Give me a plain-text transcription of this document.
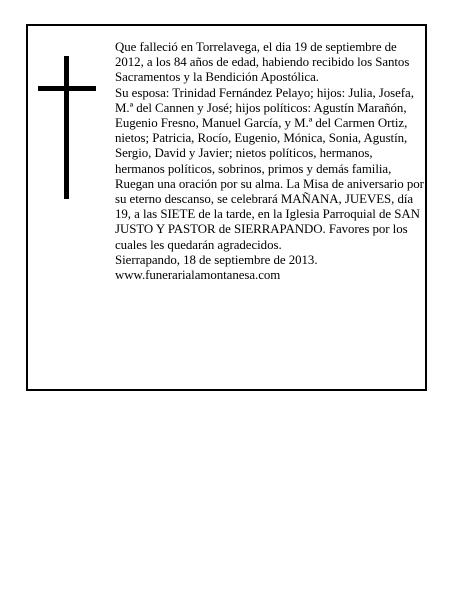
Que falleció en Torrelavega, el dia 19 de septiembre de 2012, a los 84 años de edad, habiendo recibido los Santos Sacramentos y la Bendición Apostólica.

Su esposa: Trinidad Fernández Pelayo; hijos: Julia, Josefa, M.ª del Cannen y José; hijos políticos: Agustín Marañón, Eugenio Fresno, Manuel García, y M.ª del Carmen Ortiz, nietos; Patricia, Rocío, Eugenio, Mónica, Sonia, Agustín, Sergio, David y Javier; nietos políticos, hermanos, hermanos políticos, sobrinos, primos y demás familia,

Ruegan una oración por su alma. La Misa de aniversario por su eterno descanso, se celebrará MAÑANA, JUEVES, día 19, a las SIETE de la tarde, en la Iglesia Parroquial de SAN JUSTO Y PASTOR de SIERRAPANDO. Favores por los cuales les quedarán agradecidos.

Sierrapando, 18 de septiembre de 2013.

www.funerarialamontanesa.com
